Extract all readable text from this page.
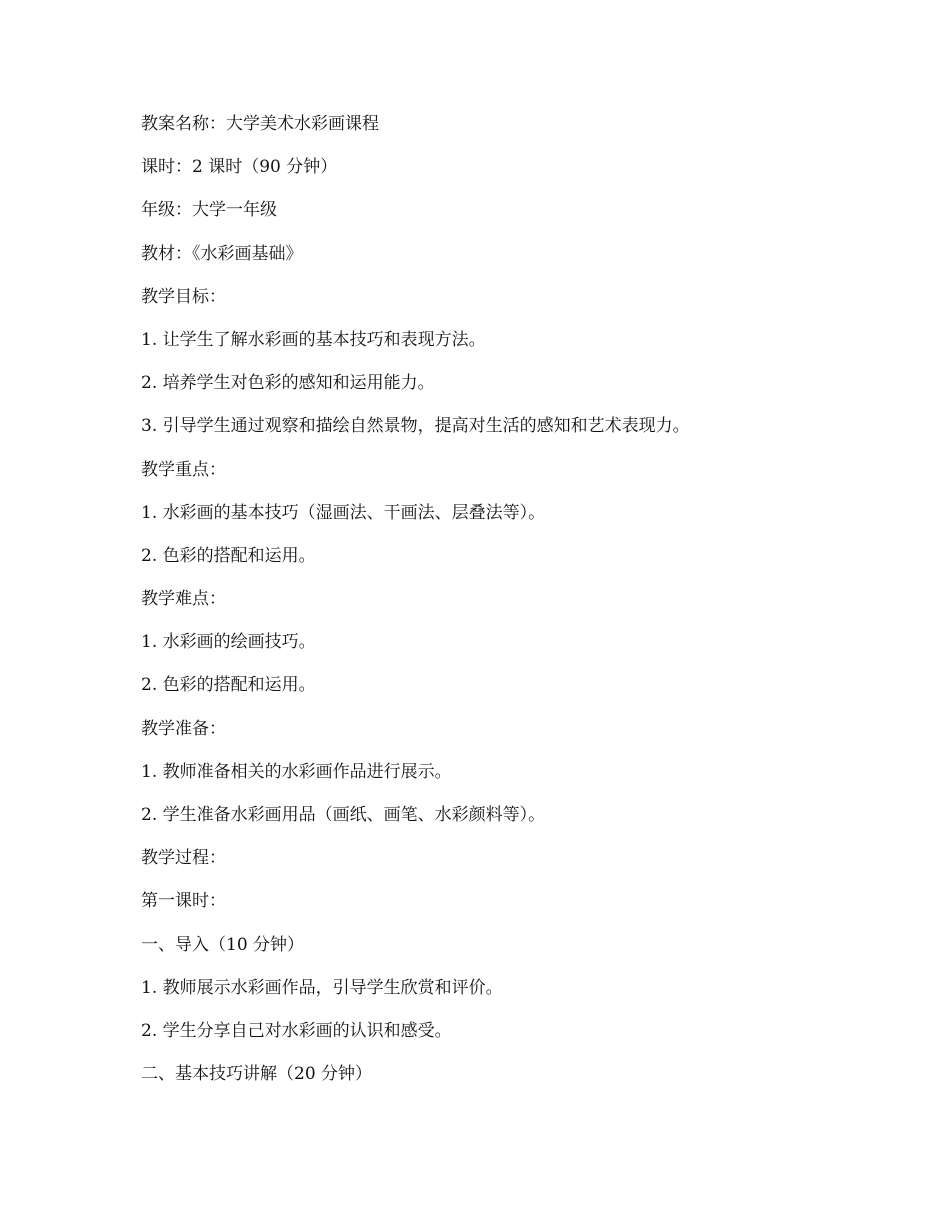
教案名称：大学美术水彩画课程
课时：2 课时（90 分钟）
年级：大学一年级
教材：《水彩画基础》
教学目标：
1. 让学生了解水彩画的基本技巧和表现方法。
2. 培养学生对色彩的感知和运用能力。
3. 引导学生通过观察和描绘自然景物，提高对生活的感知和艺术表现力。
教学重点：
1. 水彩画的基本技巧（湿画法、干画法、层叠法等）。
2. 色彩的搭配和运用。
教学难点：
1. 水彩画的绘画技巧。
2. 色彩的搭配和运用。
教学准备：
1. 教师准备相关的水彩画作品进行展示。
2. 学生准备水彩画用品（画纸、画笔、水彩颜料等）。
教学过程：
第一课时：
一、导入（10 分钟）
1. 教师展示水彩画作品，引导学生欣赏和评价。
2. 学生分享自己对水彩画的认识和感受。
二、基本技巧讲解（20 分钟）
